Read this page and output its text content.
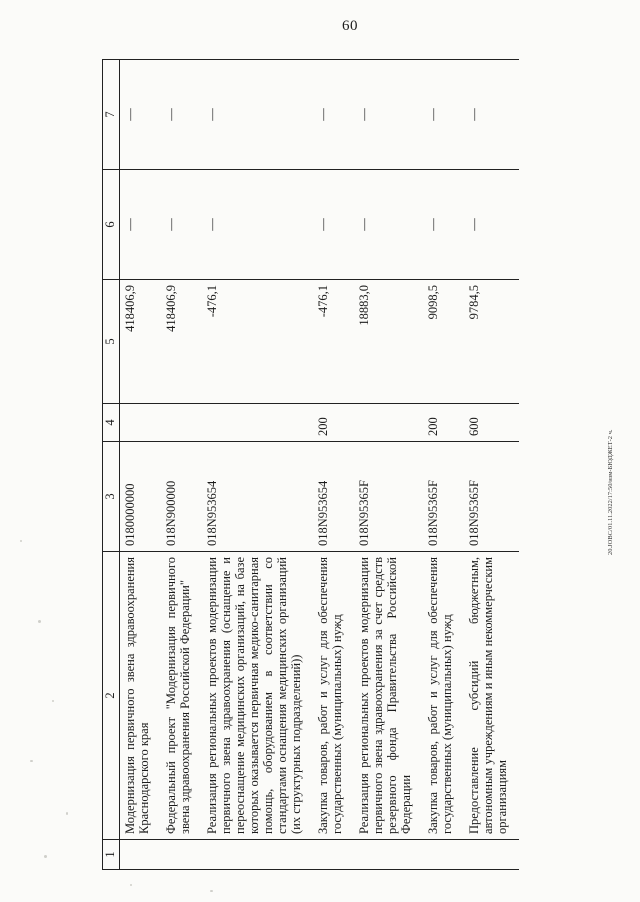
60
1	2	3	4	5	6	7
	Модернизация первичного звена здравоохранения Краснодарского края	0180000000		418406,9	—	—
	Федеральный проект "Модернизация первичного звена здравоохранения Российской Федерации"	018N900000		418406,9	—	—
	Реализация региональных проектов модернизации первичного звена здравоохранения (оснащение и переоснащение медицинских организаций, на базе которых оказывается первичная медико-санитарная помощь, оборудованием в соответствии со стандартами оснащения медицинских организаций (их структурных подразделений))	018N953654		-476,1	—	—
	Закупка товаров, работ и услуг для обеспечения государственных (муниципальных) нужд	018N953654	200	-476,1	—	—
	Реализация региональных проектов модернизации первичного звена здравоохранения за счет средств резервного фонда Правительства Российской Федерации	018N95365F		18883,0	—	—
	Закупка товаров, работ и услуг для обеспечения государственных (муниципальных) нужд	018N95365F	200	9098,5	—	—
	Предоставление субсидий бюджетным, автономным учреждениям и иным некоммерческим организациям	018N95365F	600	9784,5	—	—
20.JOBC/01.11.2022/17:50/изм-БЮДЖЕТ-2 ч.
